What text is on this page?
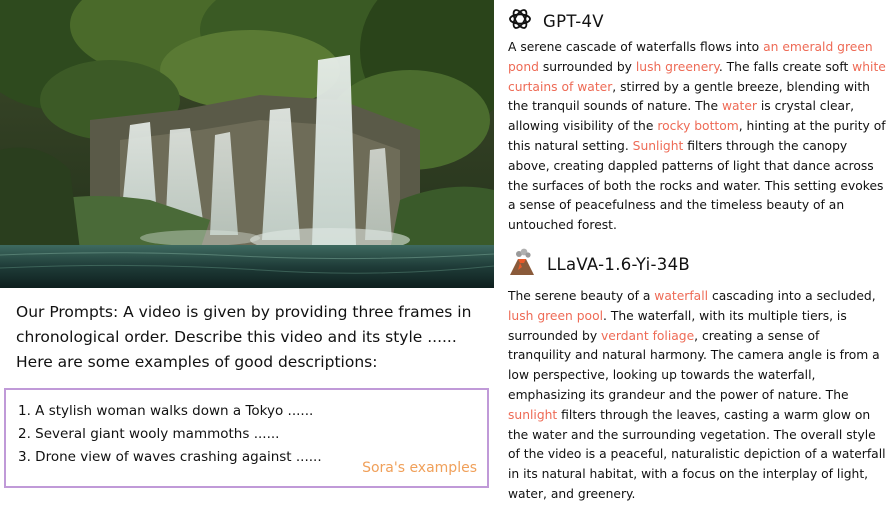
Our Prompts: A video is given by providing three frames in
chronological order. Describe this video and its style ......
Here are some examples of good descriptions:
1. A stylish woman walks down a Tokyo ......
2. Several giant wooly mammoths ......
3. Drone view of waves crashing against ......
Sora's examples
GPT-4V

A serene cascade of waterfalls flows into an emerald green pond surrounded by lush greenery. The falls create soft white curtains of water, stirred by a gentle breeze, blending with the tranquil sounds of nature. The water is crystal clear, allowing visibility of the rocky bottom, hinting at the purity of this natural setting. Sunlight filters through the canopy above, creating dappled patterns of light that dance across the surfaces of both the rocks and water. This setting evokes a sense of peacefulness and the timeless beauty of an untouched forest.

LLaVA-1.6-Yi-34B

The serene beauty of a waterfall cascading into a secluded, lush green pool. The waterfall, with its multiple tiers, is surrounded by verdant foliage, creating a sense of tranquility and natural harmony. The camera angle is from a low perspective, looking up towards the waterfall, emphasizing its grandeur and the power of nature. The sunlight filters through the leaves, casting a warm glow on the water and the surrounding vegetation. The overall style of the video is a peaceful, naturalistic depiction of a waterfall in its natural habitat, with a focus on the interplay of light, water, and greenery.
